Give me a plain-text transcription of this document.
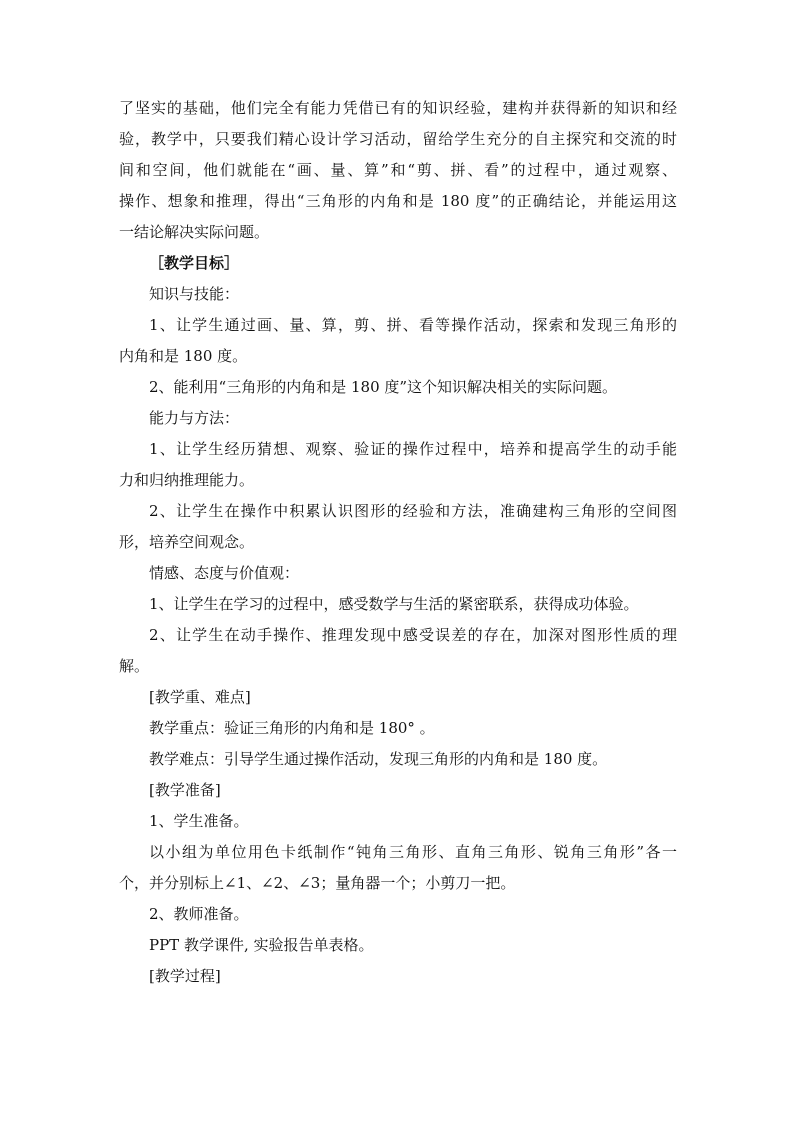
了坚实的基础，他们完全有能力凭借已有的知识经验，建构并获得新的知识和经
验，教学中，只要我们精心设计学习活动，留给学生充分的自主探究和交流的时
间和空间，他们就能在“画、量、算”和“剪、拼、看”的过程中，通过观察、
操作、想象和推理，得出“三角形的内角和是 180 度”的正确结论，并能运用这
一结论解决实际问题。
［教学目标］
知识与技能：
1、让学生通过画、量、算，剪、拼、看等操作活动，探索和发现三角形的
内角和是 180 度。
2、能利用“三角形的内角和是 180 度”这个知识解决相关的实际问题。
能力与方法：
1、让学生经历猜想、观察、验证的操作过程中，培养和提高学生的动手能
力和归纳推理能力。
2、让学生在操作中积累认识图形的经验和方法，准确建构三角形的空间图
形，培养空间观念。
情感、态度与价值观：
1、让学生在学习的过程中，感受数学与生活的紧密联系，获得成功体验。
2、让学生在动手操作、推理发现中感受误差的存在，加深对图形性质的理
解。
[教学重、难点]
教学重点：验证三角形的内角和是 180° 。
教学难点：引导学生通过操作活动，发现三角形的内角和是 180 度。
[教学准备]
1、学生准备。
以小组为单位用色卡纸制作“钝角三角形、直角三角形、锐角三角形”各一
个，并分别标上∠1、∠2、∠3；量角器一个；小剪刀一把。
2、教师准备。
PPT 教学课件, 实验报告单表格。
[教学过程]
